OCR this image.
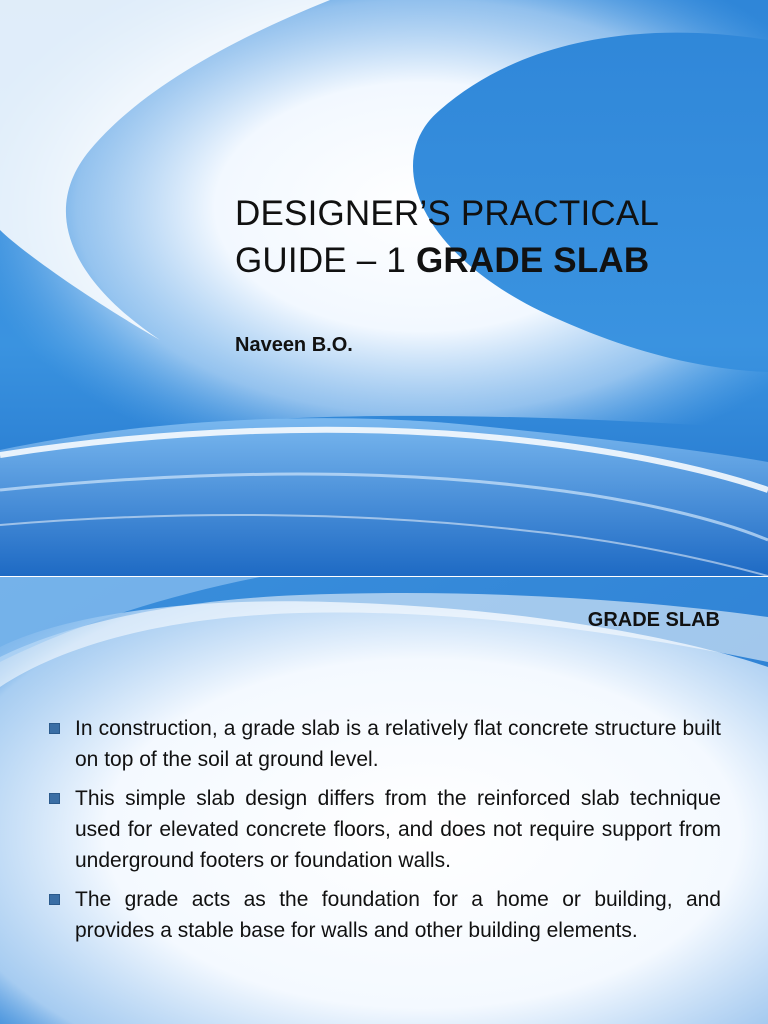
DESIGNER’S PRACTICAL
GUIDE – 1 GRADE SLAB
Naveen B.O.
GRADE SLAB
In construction, a grade slab is a relatively flat concrete structure built on top of the soil at ground level.
This simple slab design differs from the reinforced slab technique used for elevated concrete floors, and does not require support from underground footers or foundation walls.
The grade acts as the foundation for a home or building, and provides a stable base for walls and other building elements.
